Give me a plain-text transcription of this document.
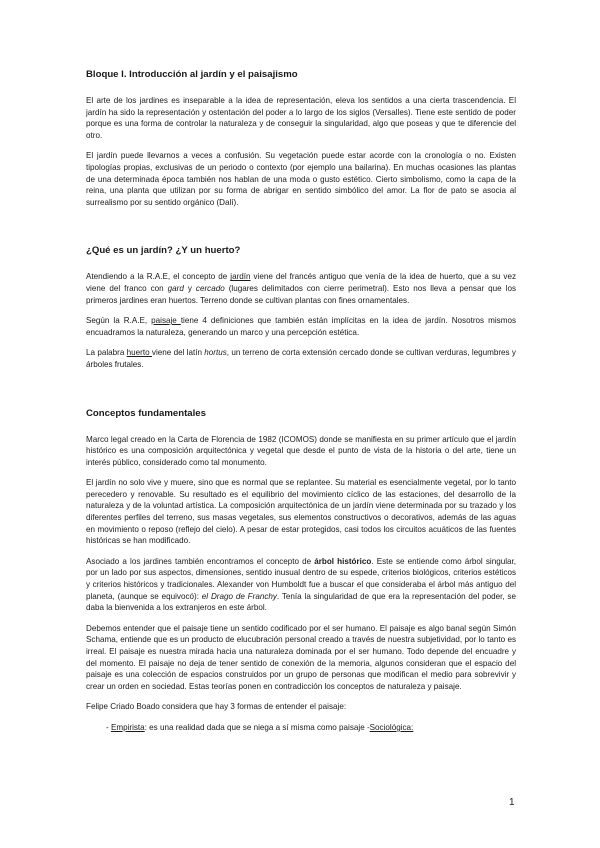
Bloque I. Introducción al jardín y el paisajismo

El arte de los jardines es inseparable a la idea de representación, eleva los sentidos a una cierta trascendencia. El jardín ha sido la representación y ostentación del poder a lo largo de los siglos (Versalles). Tiene este sentido de poder porque es una forma de controlar la naturaleza y de conseguir la singularidad, algo que poseas y que te diferencie del otro.

El jardín puede llevarnos a veces a confusión. Su vegetación puede estar acorde con la cronología o no. Existen tipologías propias, exclusivas de un periodo o contexto (por ejemplo una bailarina). En muchas ocasiones las plantas de una determinada época también nos hablan de una moda o gusto estético. Cierto simbolismo, como la capa de la reina, una planta que utilizan por su forma de abrigar en sentido simbólico del amor. La flor de pato se asocia al surrealismo por su sentido orgánico (Dalí).

¿Qué es un jardín? ¿Y un huerto?

Atendiendo a la R.A.E, el concepto de jardín viene del francés antiguo que venía de la idea de huerto, que a su vez viene del franco con gard y cercado (lugares delimitados con cierre perimetral). Esto nos lleva a pensar que los primeros jardines eran huertos. Terreno donde se cultivan plantas con fines ornamentales.

Según la R.A.E, paisaje tiene 4 definiciones que también están implícitas en la idea de jardín. Nosotros mismos encuadramos la naturaleza, generando un marco y una percepción estética.

La palabra huerto viene del latín hortus, un terreno de corta extensión cercado donde se cultivan verduras, legumbres y árboles frutales.

Conceptos fundamentales

Marco legal creado en la Carta de Florencia de 1982 (ICOMOS) donde se manifiesta en su primer artículo que el jardín histórico es una composición arquitectónica y vegetal que desde el punto de vista de la historia o del arte, tiene un interés público, considerado como tal monumento.

El jardín no solo vive y muere, sino que es normal que se replantee. Su material es esencialmente vegetal, por lo tanto perecedero y renovable. Su resultado es el equilibrio del movimiento cíclico de las estaciones, del desarrollo de la naturaleza y de la voluntad artística. La composición arquitectónica de un jardín viene determinada por su trazado y los diferentes perfiles del terreno, sus masas vegetales, sus elementos constructivos o decorativos, además de las aguas en movimiento o reposo (reflejo del cielo). A pesar de estar protegidos, casi todos los circuitos acuáticos de las fuentes históricas se han modificado.

Asociado a los jardines también encontramos el concepto de árbol histórico. Este se entiende como árbol singular, por un lado por sus aspectos, dimensiones, sentido inusual dentro de su espede, criterios biológicos, criterios estéticos y criterios históricos y tradicionales. Alexander von Humboldt fue a buscar el que consideraba el árbol más antiguo del planeta, (aunque se equivocó): el Drago de Franchy. Tenía la singularidad de que era la representación del poder, se daba la bienvenida a los extranjeros en este árbol.

Debemos entender que el paisaje tiene un sentido codificado por el ser humano. El paisaje es algo banal según Simón Schama, entiende que es un producto de elucubración personal creado a través de nuestra subjetividad, por lo tanto es irreal. El paisaje es nuestra mirada hacia una naturaleza dominada por el ser humano. Todo depende del encuadre y del momento. El paisaje no deja de tener sentido de conexión de la memoria, algunos consideran que el espacio del paisaje es una colección de espacios construidos por un grupo de personas que modifican el medio para sobrevivir y crear un orden en sociedad. Estas teorías ponen en contradicción los conceptos de naturaleza y paisaje.

Felipe Criado Boado considera que hay 3 formas de entender el paisaje:

- Empirista: es una realidad dada que se niega a sí misma como paisaje -Sociológica:
1
